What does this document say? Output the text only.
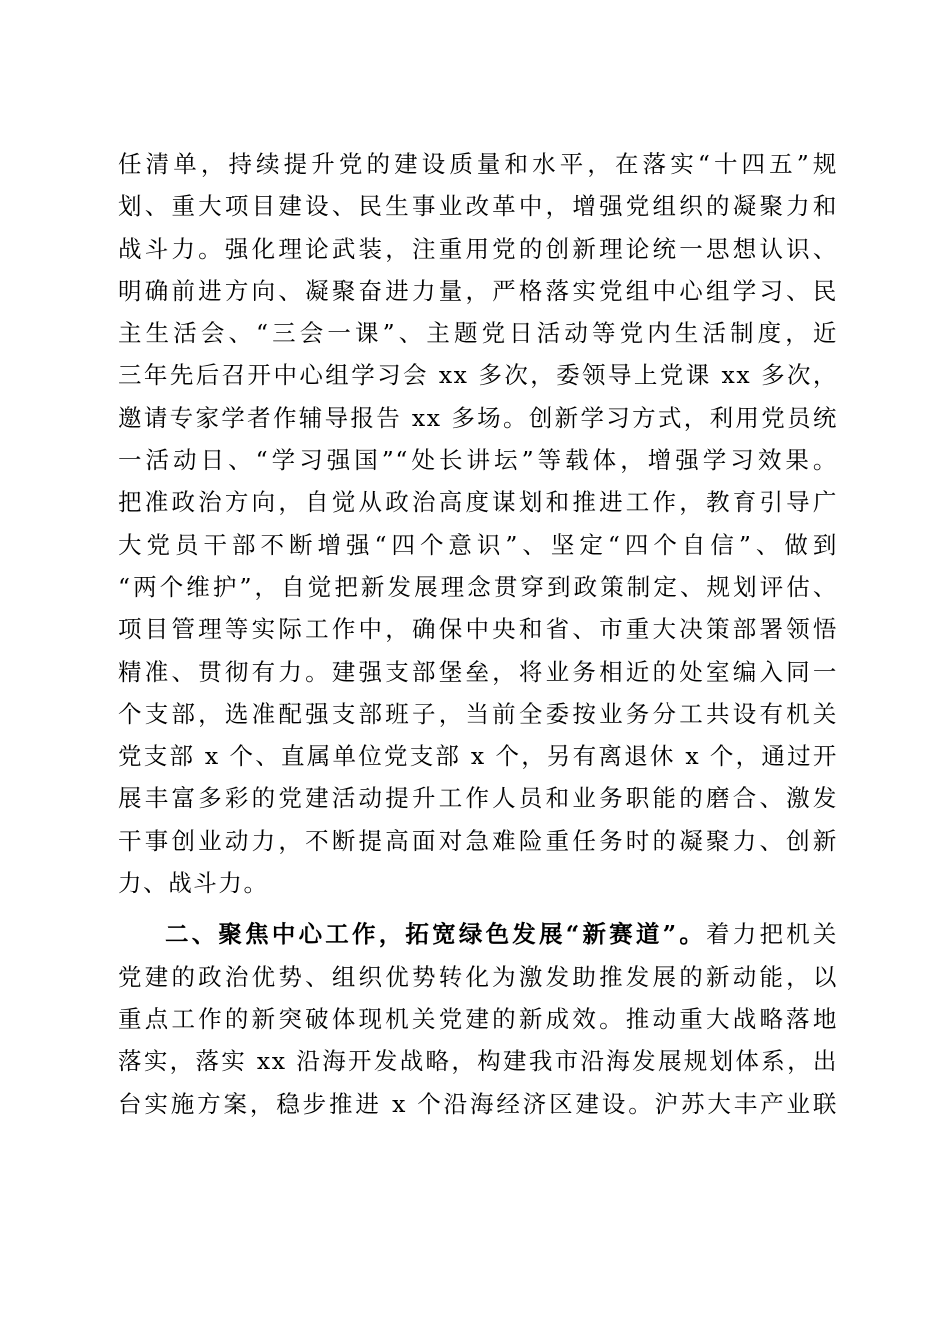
任清单，持续提升党的建设质量和水平，在落实“十四五”规
划、重大项目建设、民生事业改革中，增强党组织的凝聚力和
战斗力。强化理论武装，注重用党的创新理论统一思想认识、
明确前进方向、凝聚奋进力量，严格落实党组中心组学习、民
主生活会、“三会一课”、主题党日活动等党内生活制度，近
三年先后召开中心组学习会 xx 多次，委领导上党课 xx 多次，
邀请专家学者作辅导报告 xx 多场。创新学习方式，利用党员统
一活动日、“学习强国”“处长讲坛”等载体，增强学习效果。
把准政治方向，自觉从政治高度谋划和推进工作，教育引导广
大党员干部不断增强“四个意识”、坚定“四个自信”、做到
“两个维护”，自觉把新发展理念贯穿到政策制定、规划评估、
项目管理等实际工作中，确保中央和省、市重大决策部署领悟
精准、贯彻有力。建强支部堡垒，将业务相近的处室编入同一
个支部，选准配强支部班子，当前全委按业务分工共设有机关
党支部 x 个、直属单位党支部 x 个，另有离退休 x 个，通过开
展丰富多彩的党建活动提升工作人员和业务职能的磨合、激发
干事创业动力，不断提高面对急难险重任务时的凝聚力、创新
力、战斗力。
二、聚焦中心工作，拓宽绿色发展“新赛道”。着力把机关
党建的政治优势、组织优势转化为激发助推发展的新动能，以
重点工作的新突破体现机关党建的新成效。推动重大战略落地
落实，落实 xx 沿海开发战略，构建我市沿海发展规划体系，出
台实施方案，稳步推进 x 个沿海经济区建设。沪苏大丰产业联
